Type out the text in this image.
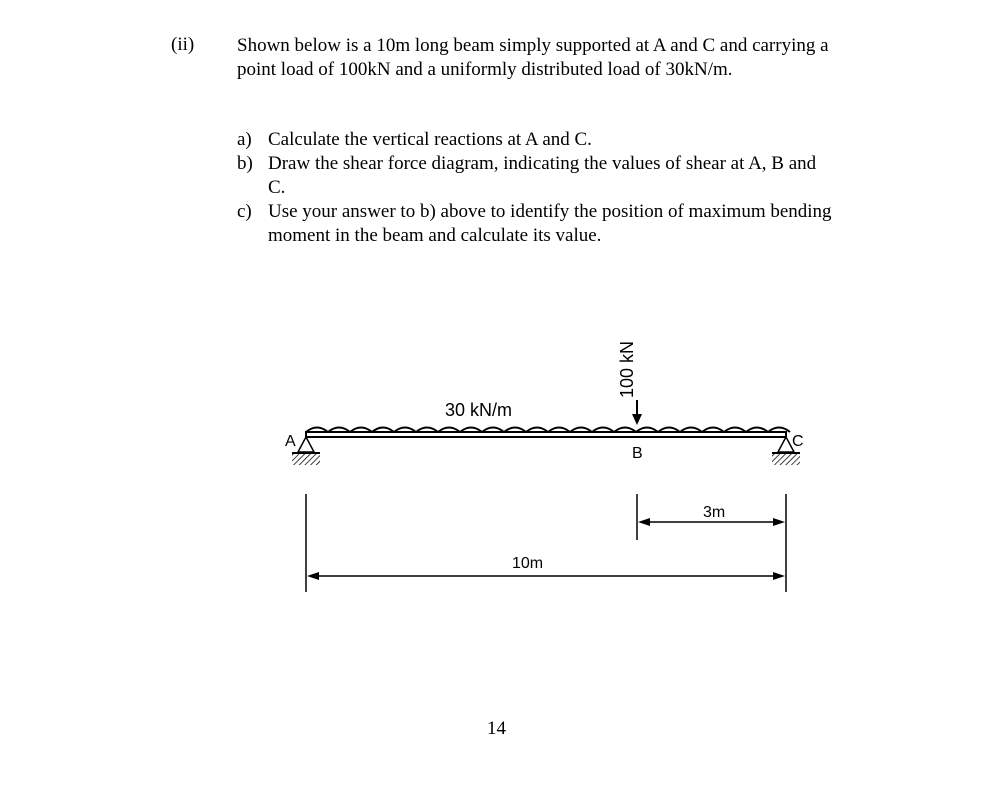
(ii) Shown below is a 10m long beam simply supported at A and C and carrying a point load of 100kN and a uniformly distributed load of 30kN/m.
a) Calculate the vertical reactions at A and C.
b) Draw the shear force diagram, indicating the values of shear at A, B and C.
c) Use your answer to b) above to identify the position of maximum bending moment in the beam and calculate its value.
A	C
B
30 kN/m
100 kN
3m
10m
14
